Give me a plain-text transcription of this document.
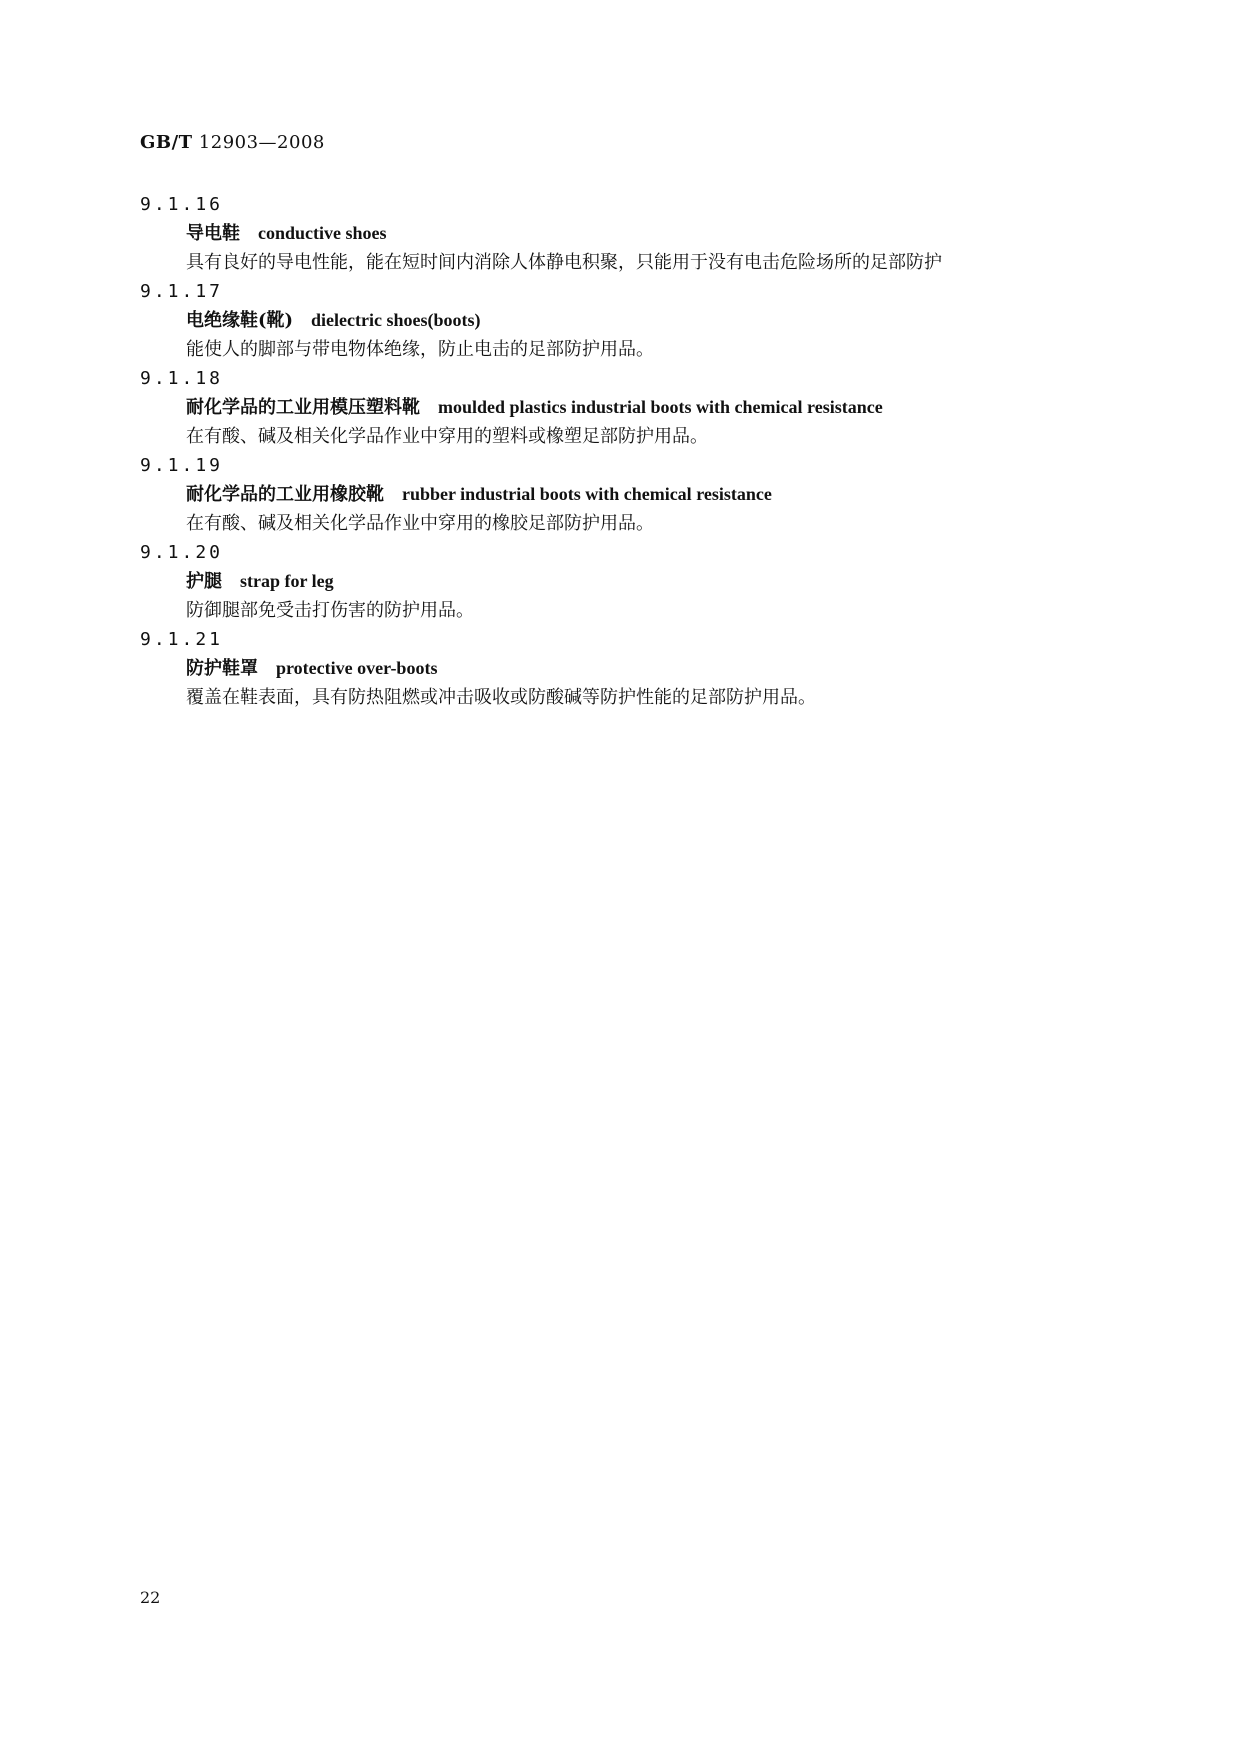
GB/T 12903—2008
9.1.16
导电鞋 conductive shoes
具有良好的导电性能，能在短时间内消除人体静电积聚，只能用于没有电击危险场所的足部防护
9.1.17
电绝缘鞋(靴) dielectric shoes(boots)
能使人的脚部与带电物体绝缘，防止电击的足部防护用品。
9.1.18
耐化学品的工业用模压塑料靴 moulded plastics industrial boots with chemical resistance
在有酸、碱及相关化学品作业中穿用的塑料或橡塑足部防护用品。
9.1.19
耐化学品的工业用橡胶靴 rubber industrial boots with chemical resistance
在有酸、碱及相关化学品作业中穿用的橡胶足部防护用品。
9.1.20
护腿 strap for leg
防御腿部免受击打伤害的防护用品。
9.1.21
防护鞋罩 protective over-boots
覆盖在鞋表面，具有防热阻燃或冲击吸收或防酸碱等防护性能的足部防护用品。
22
